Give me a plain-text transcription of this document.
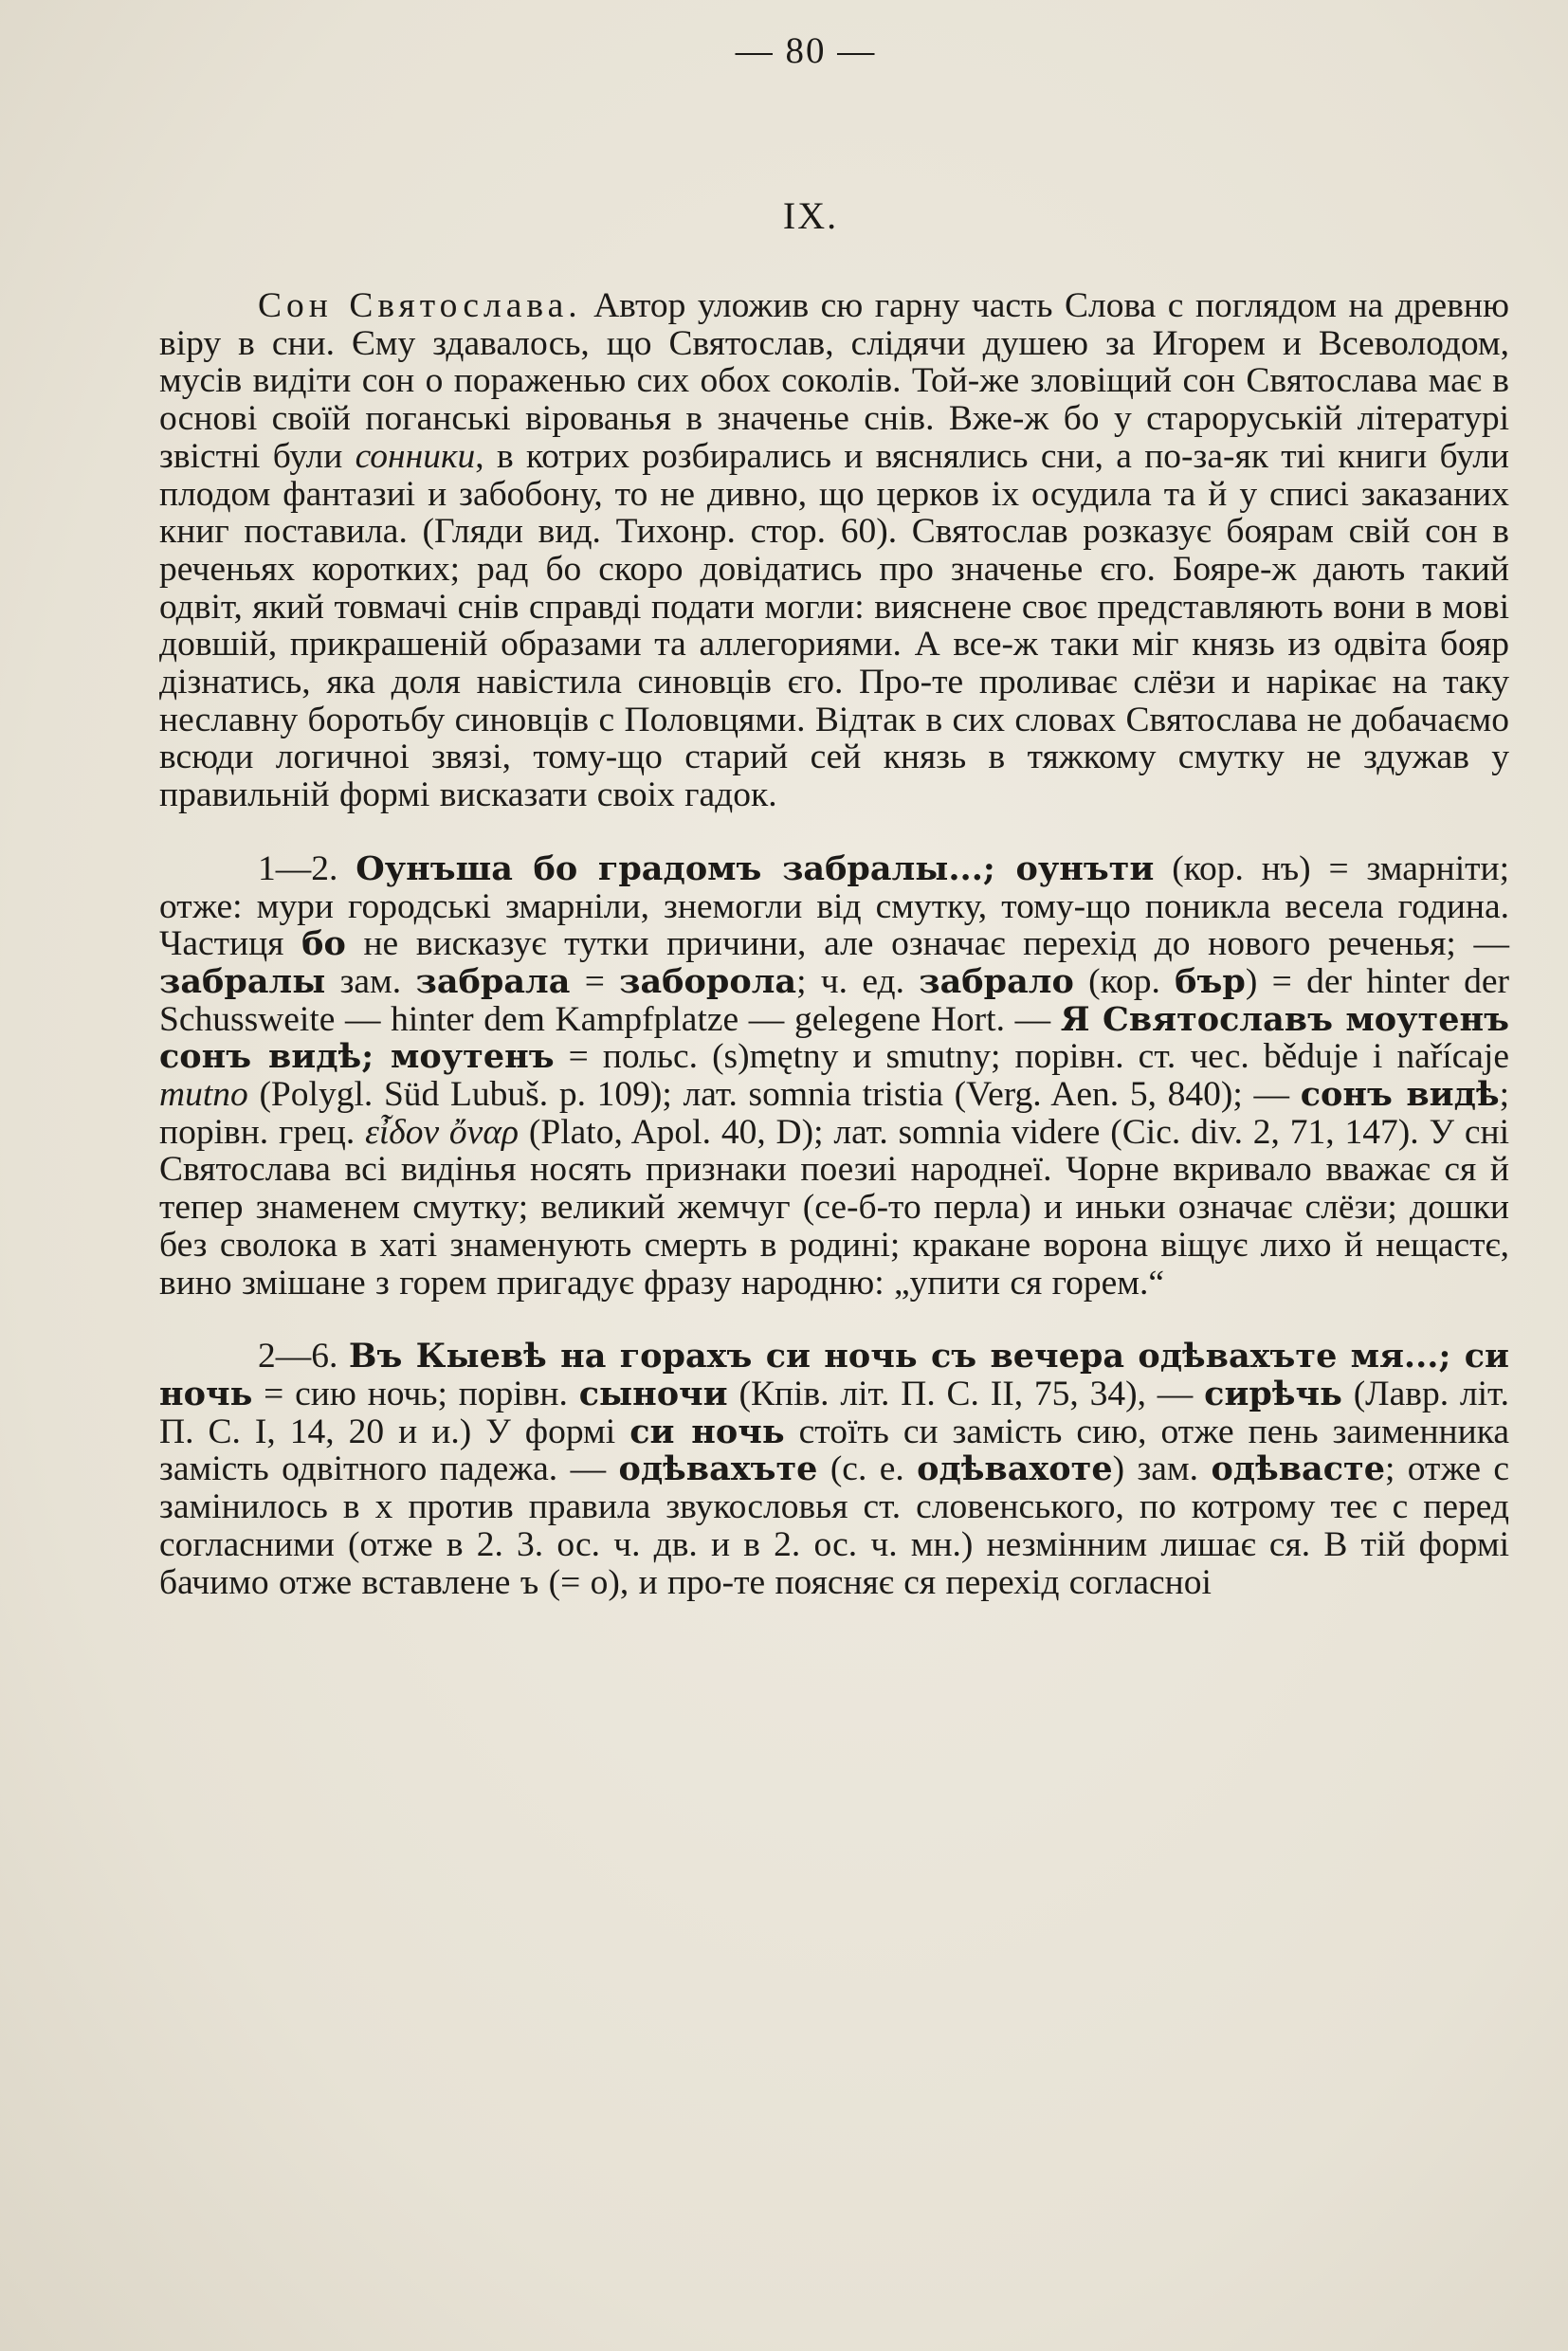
— 80 —
IX.

Сон Святослава. Автор уложив сю гарну часть Слова с поглядом на древню віру в сни. Єму здавалось, що Святослав, слідячи душею за Игорем и Всеволодом, мусів видіти сон о пораженью сих обох соколів. Той-же зловіщий сон Святослава має в основі своїй поганські вірованья в значенье снів. Вже-ж бо у староруській літературі звістні були сонники, в котрих розбирались и вяснялись сни, а по-за-як тиі книги були плодом фантазиі и забобону, то не дивно, що церков іх осудила та й у списі заказаних книг поставила. (Гляди вид. Тихонр. стор. 60). Святослав розказує боярам свій сон в реченьях коротких; рад бо скоро довідатись про значенье єго. Бояре-ж дають такий одвіт, який товмачі снів справді подати могли: вияснене своє представляють вони в мові довшій, прикрашеній образами та аллегориями. А все-ж таки міг князь из одвіта бояр дізнатись, яка доля навістила синовців єго. Про-те проливає слёзи и нарікає на таку неславну боротьбу синовців с Половцями. Відтак в сих словах Святослава не добачаємо всюди логичноі звязі, тому-що старий сей князь в тяжкому смутку не здужав у правильній формі висказати своіх гадок.

1—2. Оунъша бо градомъ забралы...; оунъти (кор. нъ) = змарніти; отже: мури городські змарніли, знемогли від смутку, тому-що поникла весела година. Частиця бо не висказує тутки причини, але означає перехід до нового реченья; — забралы зам. забрала = заборола; ч. ед. забрало (кор. бър) = der hinter der Schussweite — hinter dem Kampfplatze — gelegene Hort. — Я Святославъ моутенъ сонъ видѣ; моутенъ = польс. (s)mętny и smutny; порівн. ст. чес. běduje i nařícaje mutno (Polygl. Süd Lubuš. р. 109); лат. somnia tristia (Verg. Aen. 5, 840); — сонъ видѣ; порівн. грец. εἶδον ὄναρ (Plato, Apol. 40, D); лат. somnia videre (Cic. div. 2, 71, 147). У сні Святослава всі видінья носять признаки поезиі народнеї. Чорне вкривало вважає ся й тепер знаменем смутку; великий жемчуг (се-б-то перла) и иньки означає слёзи; дошки без сволока в хаті знаменують смерть в родині; кракане ворона віщує лихо й нещастє, вино змішане з горем пригадує фразу народню: „упити ся горем.“

2—6. Въ Кыевѣ на горахъ си ночь съ вечера одѣвахъте мя...; си ночь = сию ночь; порівн. сыночи (Кпів. літ. П. С. II, 75, 34), — сирѣчь (Лавр. літ. П. С. I, 14, 20 и и.) У формі си ночь стоїть си замість сию, отже пень заименника замість одвітного падежа. — одѣвахъте (с. е. одѣвахоте) зам. одѣвасте; отже с замінилось в х против правила звукословья ст. словенського, по котрому теє с перед согласними (отже в 2. 3. ос. ч. дв. и в 2. ос. ч. мн.) незмінним лишає ся. В тій формі бачимо отже вставлене ъ (= о), и про-те поясняє ся перехід согласноі
